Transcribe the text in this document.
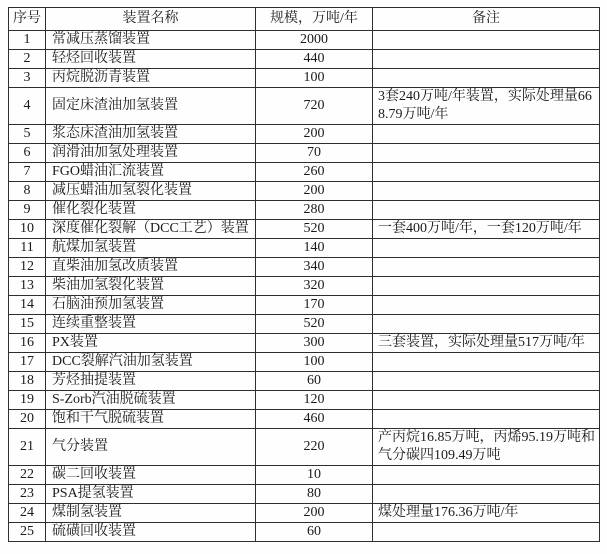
序号	装置名称	规模，万吨/年	备注
1	常减压蒸馏装置	2000	
2	轻烃回收装置	440	
3	丙烷脱沥青装置	100	
4	固定床渣油加氢装置	720	3套240万吨/年装置，实际处理量668.79万吨/年
5	浆态床渣油加氢装置	200	
6	润滑油加氢处理装置	70	
7	FGO蜡油汇流装置	260	
8	减压蜡油加氢裂化装置	200	
9	催化裂化装置	280	
10	深度催化裂解（DCC工艺）装置	520	一套400万吨/年，一套120万吨/年
11	航煤加氢装置	140	
12	直柴油加氢改质装置	340	
13	柴油加氢裂化装置	320	
14	石脑油预加氢装置	170	
15	连续重整装置	520	
16	PX装置	300	三套装置，实际处理量517万吨/年
17	DCC裂解汽油加氢装置	100	
18	芳烃抽提装置	60	
19	S-Zorb汽油脱硫装置	120	
20	饱和干气脱硫装置	460	
21	气分装置	220	产丙烷16.85万吨，丙烯95.19万吨和气分碳四109.49万吨
22	碳二回收装置	10	
23	PSA提氢装置	80	
24	煤制氢装置	200	煤处理量176.36万吨/年
25	硫磺回收装置	60	
